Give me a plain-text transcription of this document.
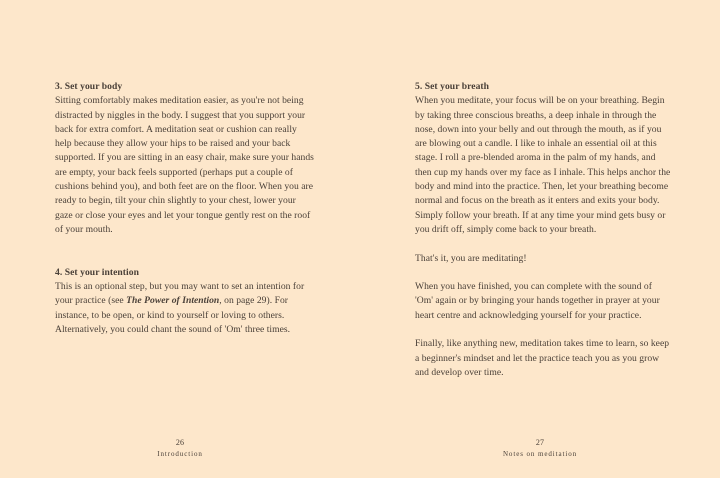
3. Set your body

Sitting comfortably makes meditation easier, as you're not being distracted by niggles in the body. I suggest that you support your back for extra comfort. A meditation seat or cushion can really help because they allow your hips to be raised and your back supported. If you are sitting in an easy chair, make sure your hands are empty, your back feels supported (perhaps put a couple of cushions behind you), and both feet are on the floor. When you are ready to begin, tilt your chin slightly to your chest, lower your gaze or close your eyes and let your tongue gently rest on the roof of your mouth.

4. Set your intention

This is an optional step, but you may want to set an intention for your practice (see The Power of Intention, on page 29). For instance, to be open, or kind to yourself or loving to others. Alternatively, you could chant the sound of 'Om' three times.

26
Introduction
5. Set your breath

When you meditate, your focus will be on your breathing. Begin by taking three conscious breaths, a deep inhale in through the nose, down into your belly and out through the mouth, as if you are blowing out a candle. I like to inhale an essential oil at this stage. I roll a pre-blended aroma in the palm of my hands, and then cup my hands over my face as I inhale. This helps anchor the body and mind into the practice. Then, let your breathing become normal and focus on the breath as it enters and exits your body. Simply follow your breath. If at any time your mind gets busy or you drift off, simply come back to your breath.

That's it, you are meditating!

When you have finished, you can complete with the sound of 'Om' again or by bringing your hands together in prayer at your heart centre and acknowledging yourself for your practice.

Finally, like anything new, meditation takes time to learn, so keep a beginner's mindset and let the practice teach you as you grow and develop over time.

27
Notes on meditation
